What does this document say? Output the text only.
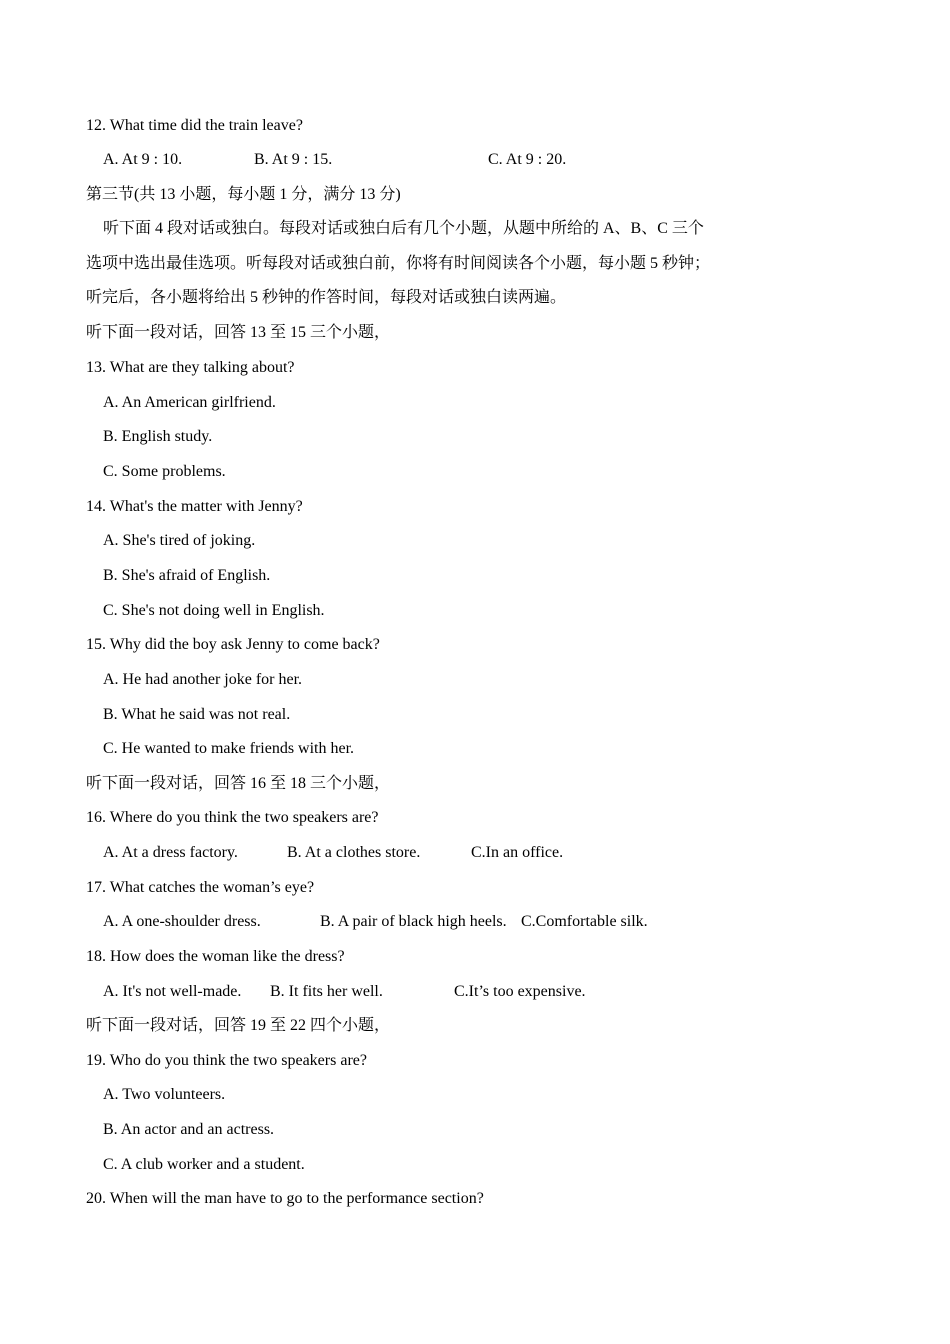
12. What time did the train leave?
A. At 9 : 10.	B. At 9 : 15.	C. At 9 : 20.
第三节(共 13 小题，每小题 1 分，满分 13 分)
听下面 4 段对话或独白。每段对话或独白后有几个小题，从题中所给的 A、B、C 三个
选项中选出最佳选项。听每段对话或独白前，你将有时间阅读各个小题，每小题 5 秒钟；
听完后，各小题将给出 5 秒钟的作答时间，每段对话或独白读两遍。
听下面一段对话，回答 13 至 15 三个小题，
13. What are they talking about?
A. An American girlfriend.
B. English study.
C. Some problems.
14. What's the matter with Jenny?
A. She's tired of joking.
B. She's afraid of English.
C. She's not doing well in English.
15. Why did the boy ask Jenny to come back?
A. He had another joke for her.
B. What he said was not real.
C. He wanted to make friends with her.
听下面一段对话，回答 16 至 18 三个小题，
16. Where do you think the two speakers are?
A. At a dress factory.	B. At a clothes store.	C.In an office.
17. What catches the woman’s eye?
A. A one-shoulder dress.	B. A pair of black high heels. C.Comfortable silk.
18. How does the woman like the dress?
A. It's not well-made. B. It fits her well.	C.It’s too expensive.
听下面一段对话，回答 19 至 22 四个小题，
19. Who do you think the two speakers are?
A. Two volunteers.
B. An actor and an actress.
C. A club worker and a student.
20. When will the man have to go to the performance section?
